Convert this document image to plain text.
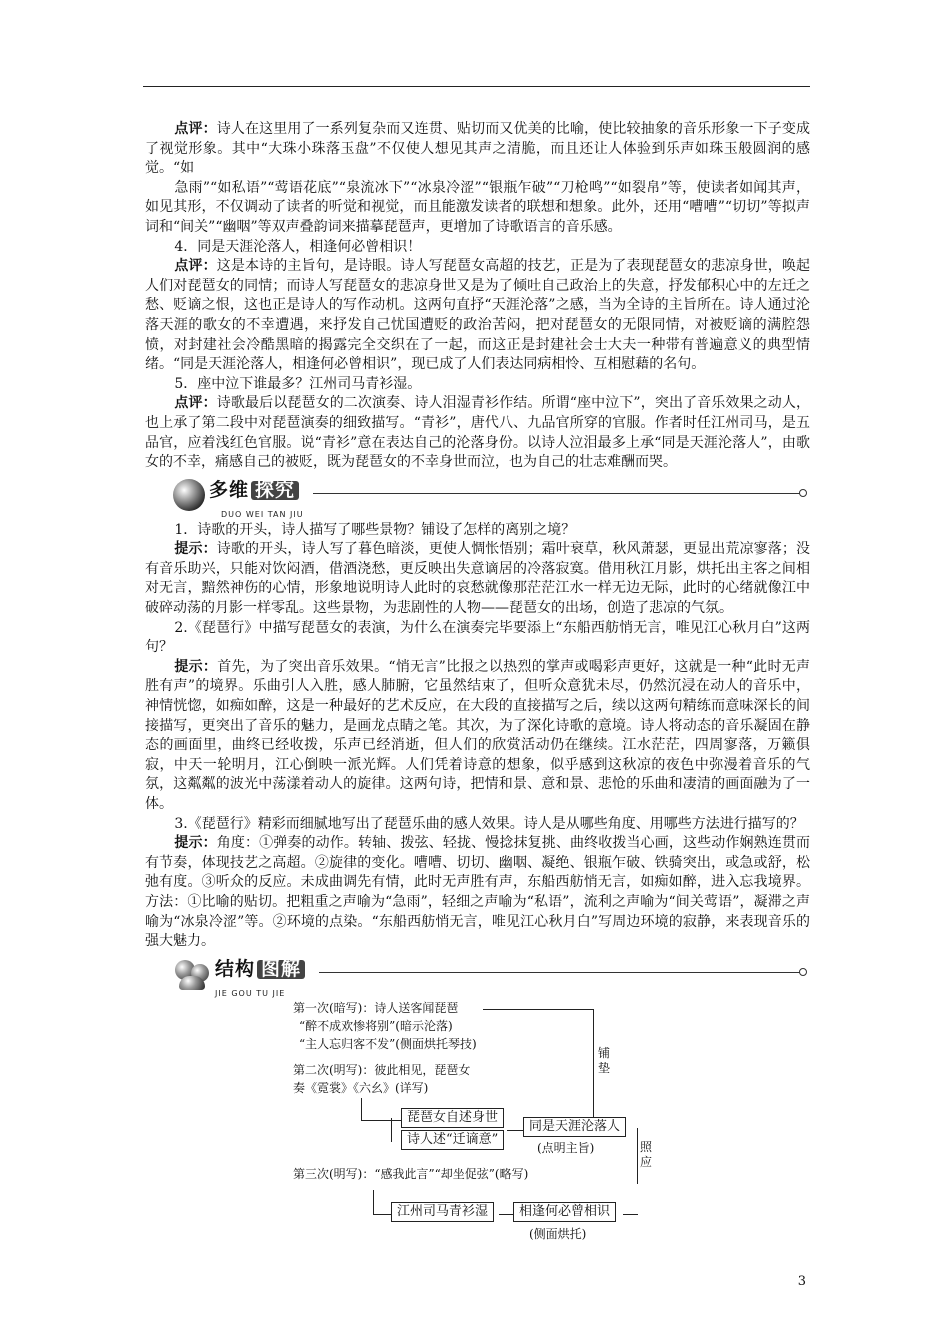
点评：诗人在这里用了一系列复杂而又连贯、贴切而又优美的比喻，使比较抽象的音乐形象一下子变成了视觉形象。其中“大珠小珠落玉盘”不仅使人想见其声之清脆，而且还让人体验到乐声如珠玉般圆润的感觉。“如

急雨”“如私语”“莺语花底”“泉流冰下”“冰泉冷涩”“银瓶乍破”“刀枪鸣”“如裂帛”等，使读者如闻其声，如见其形，不仅调动了读者的听觉和视觉，而且能激发读者的联想和想象。此外，还用“嘈嘈”“切切”等拟声词和“间关”“幽咽”等双声叠韵词来描摹琵琶声，更增加了诗歌语言的音乐感。

4．同是天涯沦落人，相逢何必曾相识！

点评：这是本诗的主旨句，是诗眼。诗人写琵琶女高超的技艺，正是为了表现琵琶女的悲凉身世，唤起人们对琵琶女的同情；而诗人写琵琶女的悲凉身世又是为了倾吐自己政治上的失意，抒发郁积心中的左迁之愁、贬谪之恨，这也正是诗人的写作动机。这两句直抒“天涯沦落”之感，当为全诗的主旨所在。诗人通过沦落天涯的歌女的不幸遭遇，来抒发自己忧国遭贬的政治苦闷，把对琵琶女的无限同情，对被贬谪的满腔怨愤，对封建社会冷酷黑暗的揭露完全交织在了一起，而这正是封建社会士大夫一种带有普遍意义的典型情绪。“同是天涯沦落人，相逢何必曾相识”，现已成了人们表达同病相怜、互相慰藉的名句。

5．座中泣下谁最多？江州司马青衫湿。

点评：诗歌最后以琵琶女的二次演奏、诗人泪湿青衫作结。所谓“座中泣下”，突出了音乐效果之动人，也上承了第二段中对琵琶演奏的细致描写。“青衫”，唐代八、九品官所穿的官服。作者时任江州司马，是五品官，应着浅红色官服。说“青衫”意在表达自己的沦落身份。以诗人泣泪最多上承“同是天涯沦落人”，由歌女的不幸，痛感自己的被贬，既为琵琶女的不幸身世而泣，也为自己的壮志难酬而哭。

多维 探究
DUO WEI TAN JIU

1．诗歌的开头，诗人描写了哪些景物？铺设了怎样的离别之境？

提示：诗歌的开头，诗人写了暮色暗淡，更使人惆怅悟别；霜叶衰草，秋风萧瑟，更显出荒凉寥落；没有音乐助兴，只能对饮闷酒，借酒浇愁，更反映出失意谪居的冷落寂寞。借用秋江月影，烘托出主客之间相对无言，黯然神伤的心情，形象地说明诗人此时的哀愁就像那茫茫江水一样无边无际，此时的心绪就像江中破碎动荡的月影一样零乱。这些景物，为悲剧性的人物——琵琶女的出场，创造了悲凉的气氛。

2.《琵琶行》中描写琵琶女的表演，为什么在演奏完毕要添上“东船西舫悄无言，唯见江心秋月白”这两句？

提示：首先，为了突出音乐效果。“悄无言”比报之以热烈的掌声或喝彩声更好，这就是一种“此时无声胜有声”的境界。乐曲引人入胜，感人肺腑，它虽然结束了，但听众意犹未尽，仍然沉浸在动人的音乐中，神情恍惚，如痴如醉，这是一种最好的艺术反应，在大段的直接描写之后，续以这两句精练而意味深长的间接描写，更突出了音乐的魅力，是画龙点睛之笔。其次，为了深化诗歌的意境。诗人将动态的音乐凝固在静态的画面里，曲终已经收拨，乐声已经消逝，但人们的欣赏活动仍在继续。江水茫茫，四周寥落，万籁俱寂，中天一轮明月，江心倒映一派光辉。人们凭着诗意的想象，似乎感到这秋凉的夜色中弥漫着音乐的气氛，这粼粼的波光中荡漾着动人的旋律。这两句诗，把情和景、意和景、悲怆的乐曲和凄清的画面融为了一体。

3.《琵琶行》精彩而细腻地写出了琵琶乐曲的感人效果。诗人是从哪些角度、用哪些方法进行描写的？

提示：角度：①弹奏的动作。转轴、拨弦、轻拢、慢捻抹复挑、曲终收拨当心画，这些动作娴熟连贯而有节奏，体现技艺之高超。②旋律的变化。嘈嘈、切切、幽咽、凝绝、银瓶乍破、铁骑突出，或急或舒，松弛有度。③听众的反应。未成曲调先有情，此时无声胜有声，东船西舫悄无言，如痴如醉，进入忘我境界。方法：①比喻的贴切。把粗重之声喻为“急雨”，轻细之声喻为“私语”，流利之声喻为“间关莺语”，凝滞之声喻为“冰泉冷涩”等。②环境的点染。“东船西舫悄无言，唯见江心秋月白”写周边环境的寂静，来表现音乐的强大魅力。

结构 图解
JIE GOU TU JIE
第一次(暗写)：诗人送客闻琵琶
“醉不成欢惨将别”(暗示沦落)
“主人忘归客不发”(侧面烘托琴技)
第二次(明写)：彼此相见，琵琶女
奏《霓裳》《六幺》(详写)
铺垫
琵琶女自述身世
诗人述“迁谪意”
同是天涯沦落人
(点明主旨)	照应
第三次(明写)：“感我此言”“却坐促弦”(略写)
江州司马青衫湿	相逢何必曾相识
(侧面烘托)
3
